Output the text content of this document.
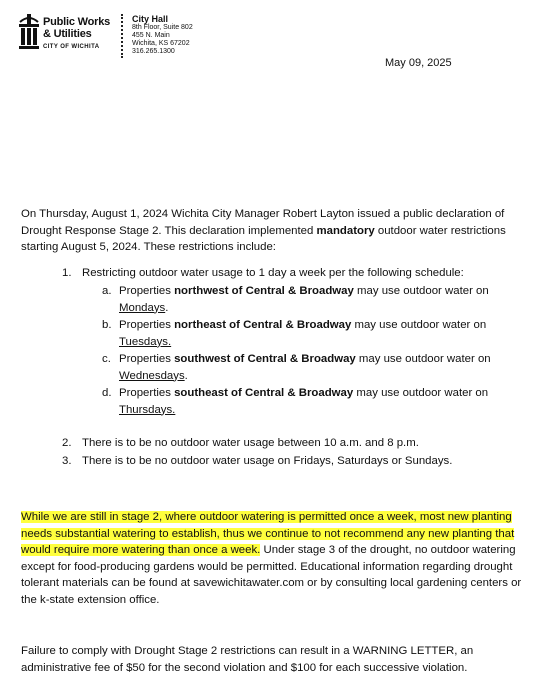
Public Works
& Utilities
CITY OF WICHITA
City Hall
8th Floor, Suite 802
455 N. Main
Wichita, KS 67202
316.265.1300
May 09, 2025
On Thursday, August 1, 2024 Wichita City Manager Robert Layton issued a public declaration of Drought Response Stage 2. This declaration implemented mandatory outdoor water restrictions starting August 5, 2024. These restrictions include:
1. Restricting outdoor water usage to 1 day a week per the following schedule:
a. Properties northwest of Central & Broadway may use outdoor water on
Mondays.
b. Properties northeast of Central & Broadway may use outdoor water on
Tuesdays.
c. Properties southwest of Central & Broadway may use outdoor water on
Wednesdays.
d. Properties southeast of Central & Broadway may use outdoor water on
Thursdays.
2. There is to be no outdoor water usage between 10 a.m. and 8 p.m.
3. There is to be no outdoor water usage on Fridays, Saturdays or Sundays.
While we are still in stage 2, where outdoor watering is permitted once a week, most new planting needs substantial watering to establish, thus we continue to not recommend any new planting that would require more watering than once a week. Under stage 3 of the drought, no outdoor watering except for food-producing gardens would be permitted. Educational information regarding drought tolerant materials can be found at savewichitawater.com or by consulting local gardening centers or the k-state extension office.
Failure to comply with Drought Stage 2 restrictions can result in a WARNING LETTER, an administrative fee of $50 for the second violation and $100 for each successive violation.
